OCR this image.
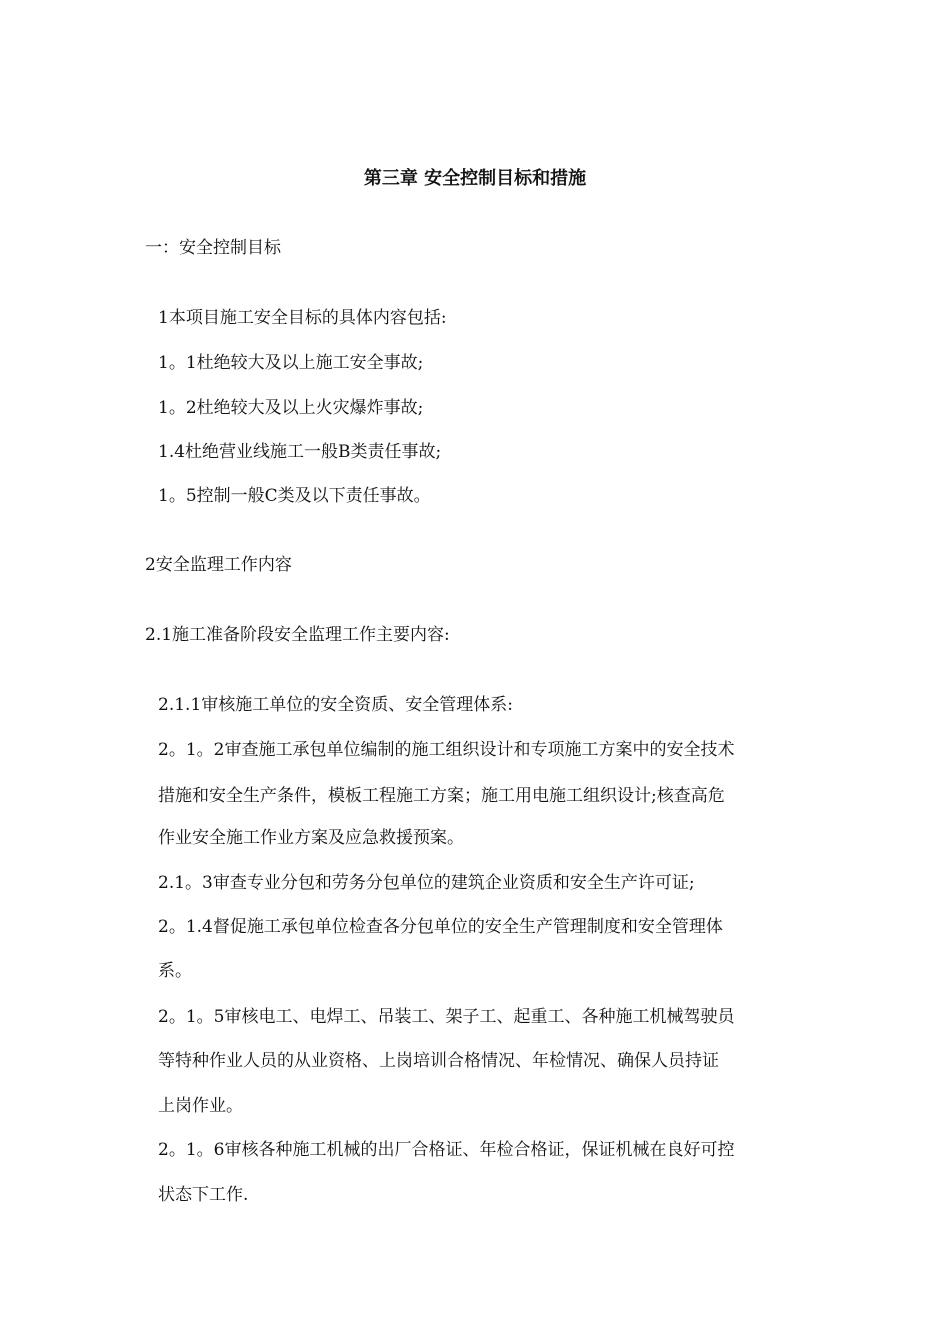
第三章 安全控制目标和措施
一：安全控制目标
1本项目施工安全目标的具体内容包括:
1。1杜绝较大及以上施工安全事故;
1。2杜绝较大及以上火灾爆炸事故;
1.4杜绝营业线施工一般B类责任事故;
1。5控制一般C类及以下责任事故。
2安全监理工作内容
2.1施工准备阶段安全监理工作主要内容:
2.1.1审核施工单位的安全资质、安全管理体系:
2。1。2审查施工承包单位编制的施工组织设计和专项施工方案中的安全技术
措施和安全生产条件，模板工程施工方案；施工用电施工组织设计;核查高危
作业安全施工作业方案及应急救援预案。
2.1。3审查专业分包和劳务分包单位的建筑企业资质和安全生产许可证;
2。1.4督促施工承包单位检查各分包单位的安全生产管理制度和安全管理体
系。
2。1。5审核电工、电焊工、吊装工、架子工、起重工、各种施工机械驾驶员
等特种作业人员的从业资格、上岗培训合格情况、年检情况、确保人员持证
上岗作业。
2。1。6审核各种施工机械的出厂合格证、年检合格证，保证机械在良好可控
状态下工作.
